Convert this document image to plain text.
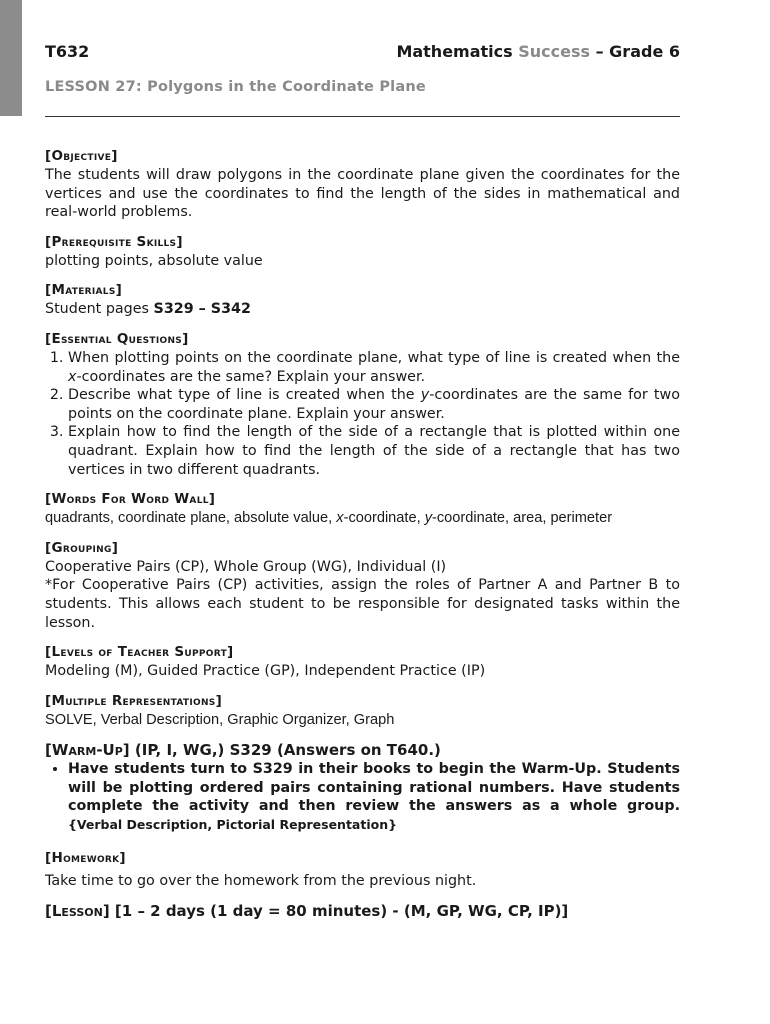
T632	Mathematics Success – Grade 6
LESSON 27: Polygons in the Coordinate Plane
[Objective]
The students will draw polygons in the coordinate plane given the coordinates for the vertices and use the coordinates to find the length of the sides in mathematical and real-world problems.
[Prerequisite Skills]
plotting points, absolute value
[Materials]
Student pages S329 – S342
[Essential Questions]
1. When plotting points on the coordinate plane, what type of line is created when the x-coordinates are the same? Explain your answer.
2. Describe what type of line is created when the y-coordinates are the same for two points on the coordinate plane. Explain your answer.
3. Explain how to find the length of the side of a rectangle that is plotted within one quadrant. Explain how to find the length of the side of a rectangle that has two vertices in two different quadrants.
[Words For Word Wall]
quadrants, coordinate plane, absolute value, x-coordinate, y-coordinate, area, perimeter
[Grouping]
Cooperative Pairs (CP), Whole Group (WG), Individual (I)
*For Cooperative Pairs (CP) activities, assign the roles of Partner A and Partner B to students. This allows each student to be responsible for designated tasks within the lesson.
[Levels of Teacher Support]
Modeling (M), Guided Practice (GP), Independent Practice (IP)
[Multiple Representations]
SOLVE, Verbal Description, Graphic Organizer, Graph
[Warm-Up] (IP, I, WG,) S329 (Answers on T640.)
• Have students turn to S329 in their books to begin the Warm-Up. Students will be plotting ordered pairs containing rational numbers. Have students complete the activity and then review the answers as a whole group. {Verbal Description, Pictorial Representation}
[Homework]
Take time to go over the homework from the previous night.
[Lesson] [1 – 2 days (1 day = 80 minutes) - (M, GP, WG, CP, IP)]
